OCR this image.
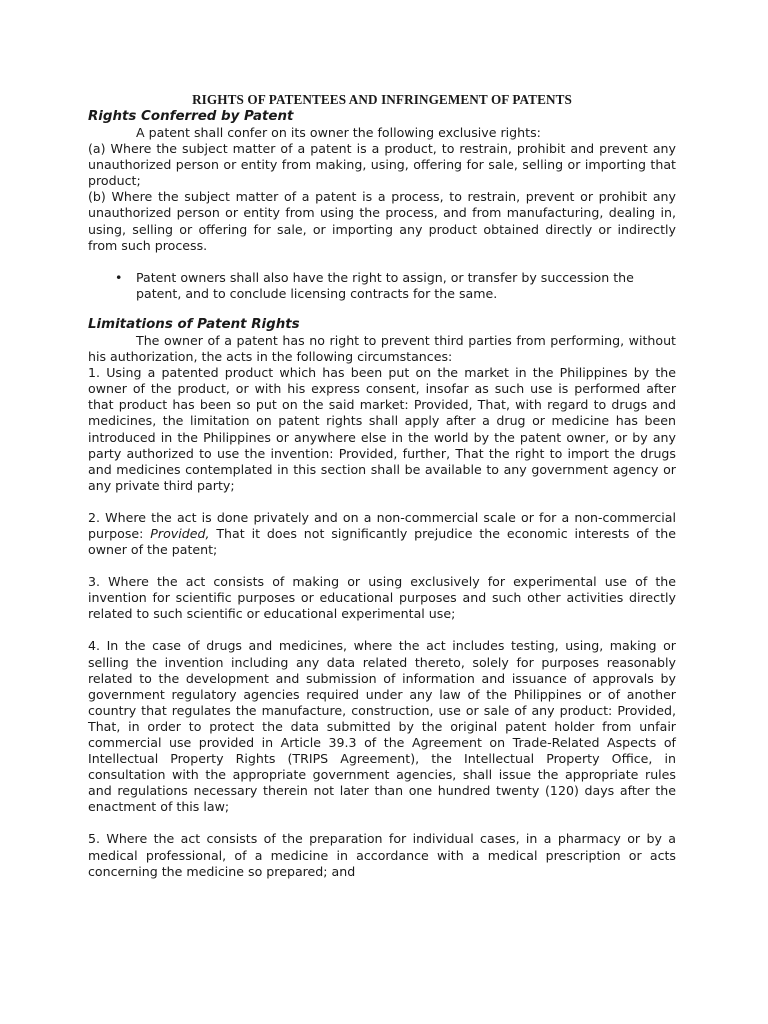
RIGHTS OF PATENTEES AND INFRINGEMENT OF PATENTS
Rights Conferred by Patent

A patent shall confer on its owner the following exclusive rights:

(a) Where the subject matter of a patent is a product, to restrain, prohibit and prevent any unauthorized person or entity from making, using, offering for sale, selling or importing that product;

(b) Where the subject matter of a patent is a process, to restrain, prevent or prohibit any unauthorized person or entity from using the process, and from manufacturing, dealing in, using, selling or offering for sale, or importing any product obtained directly or indirectly from such process.

• Patent owners shall also have the right to assign, or transfer by succession the patent, and to conclude licensing contracts for the same.
Limitations of Patent Rights

The owner of a patent has no right to prevent third parties from performing, without his authorization, the acts in the following circumstances:

1. Using a patented product which has been put on the market in the Philippines by the owner of the product, or with his express consent, insofar as such use is performed after that product has been so put on the said market: Provided, That, with regard to drugs and medicines, the limitation on patent rights shall apply after a drug or medicine has been introduced in the Philippines or anywhere else in the world by the patent owner, or by any party authorized to use the invention: Provided, further, That the right to import the drugs and medicines contemplated in this section shall be available to any government agency or any private third party;

2. Where the act is done privately and on a non-commercial scale or for a non-commercial purpose: Provided, That it does not significantly prejudice the economic interests of the owner of the patent;

3. Where the act consists of making or using exclusively for experimental use of the invention for scientific purposes or educational purposes and such other activities directly related to such scientific or educational experimental use;

4. In the case of drugs and medicines, where the act includes testing, using, making or selling the invention including any data related thereto, solely for purposes reasonably related to the development and submission of information and issuance of approvals by government regulatory agencies required under any law of the Philippines or of another country that regulates the manufacture, construction, use or sale of any product: Provided, That, in order to protect the data submitted by the original patent holder from unfair commercial use provided in Article 39.3 of the Agreement on Trade-Related Aspects of Intellectual Property Rights (TRIPS Agreement), the Intellectual Property Office, in consultation with the appropriate government agencies, shall issue the appropriate rules and regulations necessary therein not later than one hundred twenty (120) days after the enactment of this law;

5. Where the act consists of the preparation for individual cases, in a pharmacy or by a medical professional, of a medicine in accordance with a medical prescription or acts concerning the medicine so prepared; and
